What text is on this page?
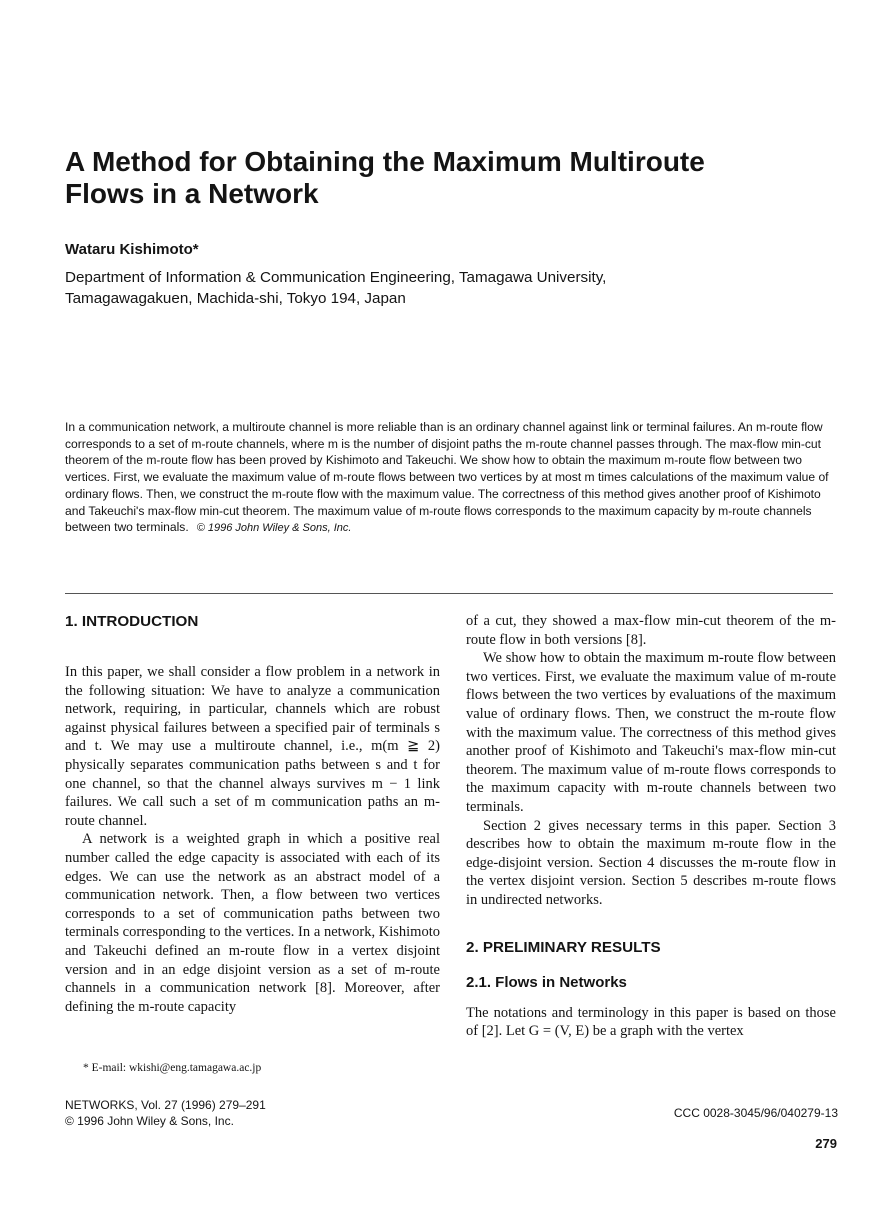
A Method for Obtaining the Maximum Multiroute
Flows in a Network
Wataru Kishimoto*
Department of Information & Communication Engineering, Tamagawa University,
Tamagawagakuen, Machida-shi, Tokyo 194, Japan
In a communication network, a multiroute channel is more reliable than is an ordinary channel against link or terminal failures. An m-route flow corresponds to a set of m-route channels, where m is the number of disjoint paths the m-route channel passes through. The max-flow min-cut theorem of the m-route flow has been proved by Kishimoto and Takeuchi. We show how to obtain the maximum m-route flow between two vertices. First, we evaluate the maximum value of m-route flows between two vertices by at most m times calculations of the maximum value of ordinary flows. Then, we construct the m-route flow with the maximum value. The correctness of this method gives another proof of Kishimoto and Takeuchi's max-flow min-cut theorem. The maximum value of m-route flows corresponds to the maximum capacity by m-route channels between two terminals. © 1996 John Wiley & Sons, Inc.
1. INTRODUCTION

In this paper, we shall consider a flow problem in a network in the following situation: We have to analyze a communication network, requiring, in particular, channels which are robust against physical failures between a specified pair of terminals s and t. We may use a multiroute channel, i.e., m(m ≧ 2) physically separates communication paths between s and t for one channel, so that the channel always survives m − 1 link failures. We call such a set of m communication paths an m-route channel.

A network is a weighted graph in which a positive real number called the edge capacity is associated with each of its edges. We can use the network as an abstract model of a communication network. Then, a flow between two vertices corresponds to a set of communication paths between two terminals corresponding to the vertices. In a network, Kishimoto and Takeuchi defined an m-route flow in a vertex disjoint version and in an edge disjoint version as a set of m-route channels in a communication network [8]. Moreover, after defining the m-route capacity

of a cut, they showed a max-flow min-cut theorem of the m-route flow in both versions [8].

We show how to obtain the maximum m-route flow between two vertices. First, we evaluate the maximum value of m-route flows between the two vertices by evaluations of the maximum value of ordinary flows. Then, we construct the m-route flow with the maximum value. The correctness of this method gives another proof of Kishimoto and Takeuchi's max-flow min-cut theorem. The maximum value of m-route flows corresponds to the maximum capacity with m-route channels between two terminals.

Section 2 gives necessary terms in this paper. Section 3 describes how to obtain the maximum m-route flow in the edge-disjoint version. Section 4 discusses the m-route flow in the vertex disjoint version. Section 5 describes m-route flows in undirected networks.

2. PRELIMINARY RESULTS
2.1. Flows in Networks

The notations and terminology in this paper is based on those of [2]. Let G = (V, E) be a graph with the vertex

* E-mail: wkishi@eng.tamagawa.ac.jp
NETWORKS, Vol. 27 (1996) 279–291
© 1996 John Wiley & Sons, Inc.
CCC 0028-3045/96/040279-13
279
